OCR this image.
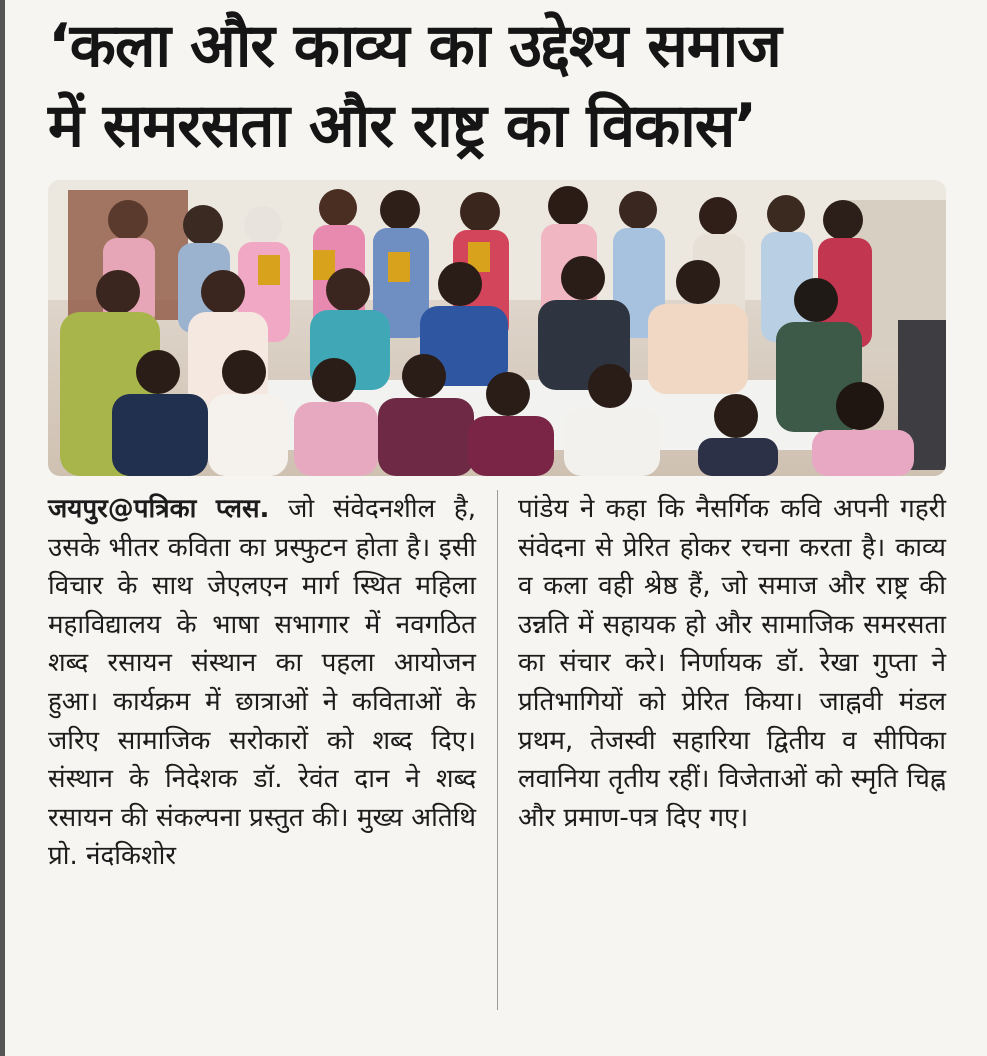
‘कला और काव्य का उद्देश्य समाज
में समरसता और राष्ट्र का विकास’

जयपुर@पत्रिका प्लस. जो संवेदनशील है, उसके भीतर कविता का प्रस्फुटन होता है। इसी विचार के साथ जेएलएन मार्ग स्थित महिला महाविद्यालय के भाषा सभागार में नवगठित शब्द रसायन संस्थान का पहला आयोजन हुआ। कार्यक्रम में छात्राओं ने कविताओं के जरिए सामाजिक सरोकारों को शब्द दिए। संस्थान के निदेशक डॉ. रेवंत दान ने शब्द रसायन की संकल्पना प्रस्तुत की। मुख्य अतिथि प्रो. नंदकिशोर

पांडेय ने कहा कि नैसर्गिक कवि अपनी गहरी संवेदना से प्रेरित होकर रचना करता है। काव्य व कला वही श्रेष्ठ हैं, जो समाज और राष्ट्र की उन्नति में सहायक हो और सामाजिक समरसता का संचार करे। निर्णायक डॉ. रेखा गुप्ता ने प्रतिभागियों को प्रेरित किया। जाह्नवी मंडल प्रथम, तेजस्वी सहारिया द्वितीय व सीपिका लवानिया तृतीय रहीं। विजेताओं को स्मृति चिह्न और प्रमाण-पत्र दिए गए।
